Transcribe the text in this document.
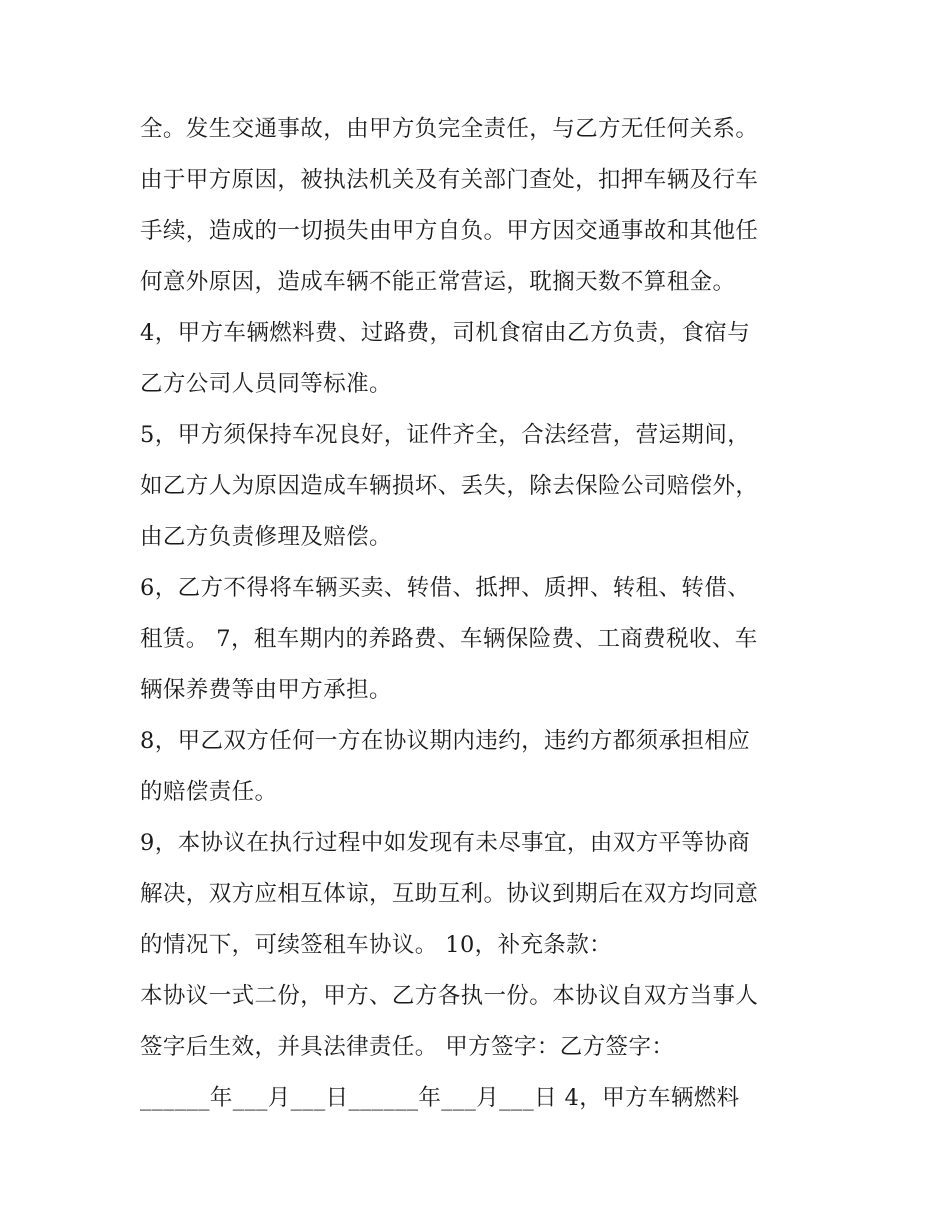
全。发生交通事故，由甲方负完全责任，与乙方无任何关系。
由于甲方原因，被执法机关及有关部门查处，扣押车辆及行车
手续，造成的一切损失由甲方自负。甲方因交通事故和其他任
何意外原因，造成车辆不能正常营运，耽搁天数不算租金。
4，甲方车辆燃料费、过路费，司机食宿由乙方负责，食宿与
乙方公司人员同等标准。
5，甲方须保持车况良好，证件齐全，合法经营，营运期间，
如乙方人为原因造成车辆损坏、丢失，除去保险公司赔偿外，
由乙方负责修理及赔偿。
6，乙方不得将车辆买卖、转借、抵押、质押、转租、转借、
租赁。 7，租车期内的养路费、车辆保险费、工商费税收、车
辆保养费等由甲方承担。
8，甲乙双方任何一方在协议期内违约，违约方都须承担相应
的赔偿责任。
9，本协议在执行过程中如发现有未尽事宜，由双方平等协商
解决，双方应相互体谅，互助互利。协议到期后在双方均同意
的情况下，可续签租车协议。 10，补充条款：
本协议一式二份，甲方、乙方各执一份。本协议自双方当事人
签字后生效，并具法律责任。 甲方签字：乙方签字：
______年___月___日______年___月___日 4，甲方车辆燃料
